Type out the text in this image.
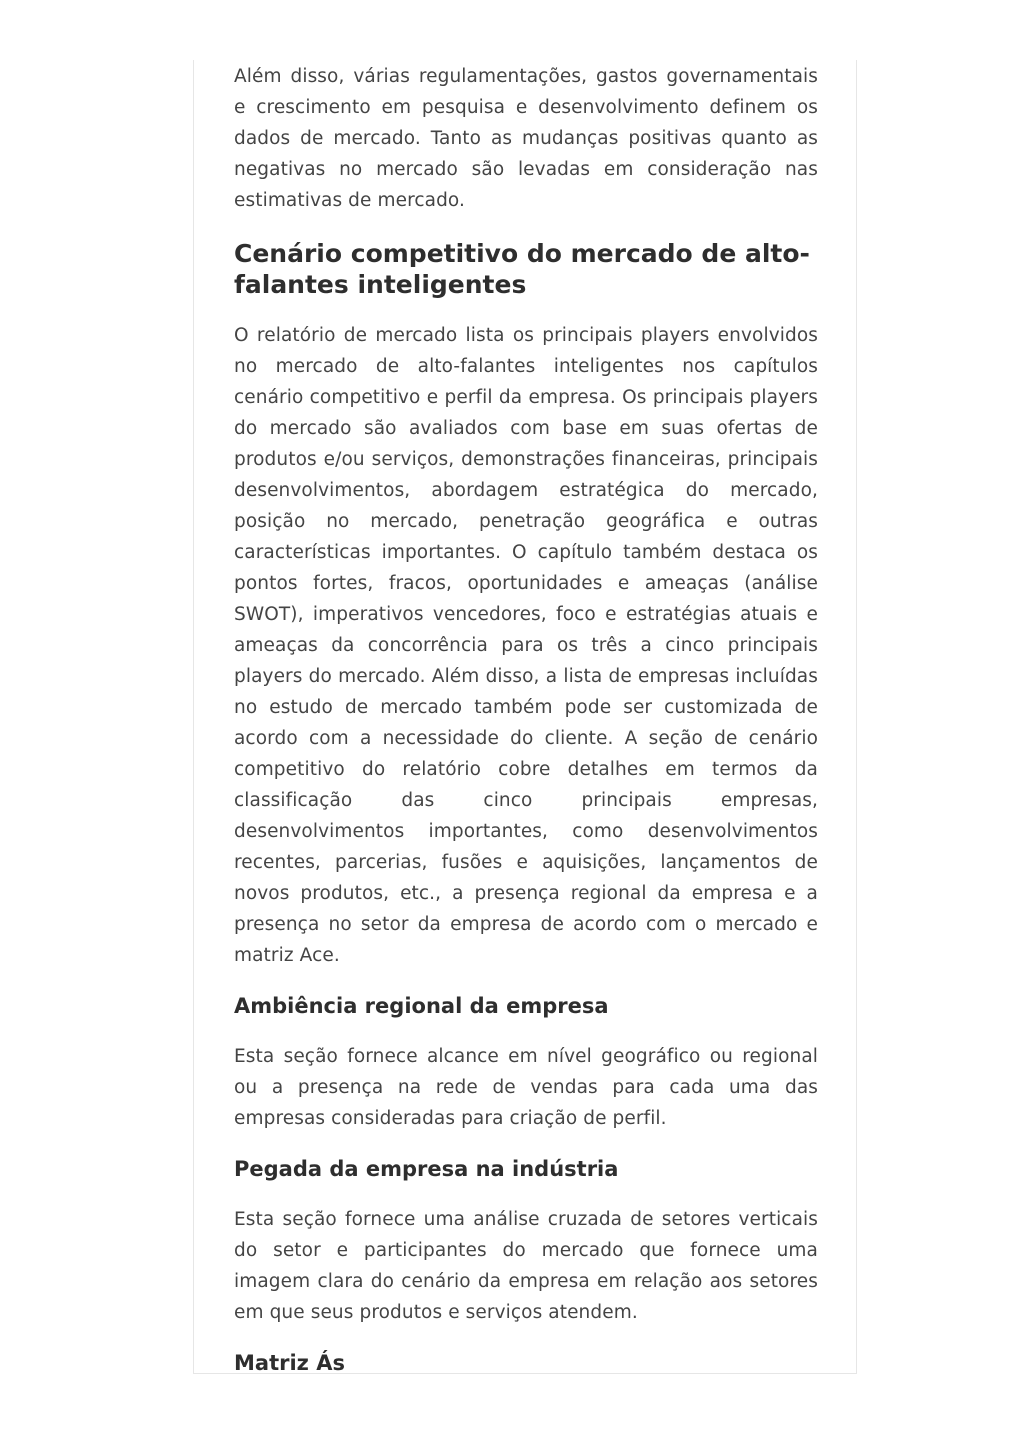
Além disso, várias regulamentações, gastos governamentais e crescimento em pesquisa e desenvolvimento definem os dados de mercado. Tanto as mudanças positivas quanto as negativas no mercado são levadas em consideração nas estimativas de mercado.

Cenário competitivo do mercado de alto-falantes inteligentes

O relatório de mercado lista os principais players envolvidos no mercado de alto-falantes inteligentes nos capítulos cenário competitivo e perfil da empresa. Os principais players do mercado são avaliados com base em suas ofertas de produtos e/ou serviços, demonstrações financeiras, principais desenvolvimentos, abordagem estratégica do mercado, posição no mercado, penetração geográfica e outras características importantes. O capítulo também destaca os pontos fortes, fracos, oportunidades e ameaças (análise SWOT), imperativos vencedores, foco e estratégias atuais e ameaças da concorrência para os três a cinco principais players do mercado. Além disso, a lista de empresas incluídas no estudo de mercado também pode ser customizada de acordo com a necessidade do cliente. A seção de cenário competitivo do relatório cobre detalhes em termos da classificação das cinco principais empresas, desenvolvimentos importantes, como desenvolvimentos recentes, parcerias, fusões e aquisições, lançamentos de novos produtos, etc., a presença regional da empresa e a presença no setor da empresa de acordo com o mercado e matriz Ace.

Ambiência regional da empresa

Esta seção fornece alcance em nível geográfico ou regional ou a presença na rede de vendas para cada uma das empresas consideradas para criação de perfil.

Pegada da empresa na indústria

Esta seção fornece uma análise cruzada de setores verticais do setor e participantes do mercado que fornece uma imagem clara do cenário da empresa em relação aos setores em que seus produtos e serviços atendem.

Matriz Ás
